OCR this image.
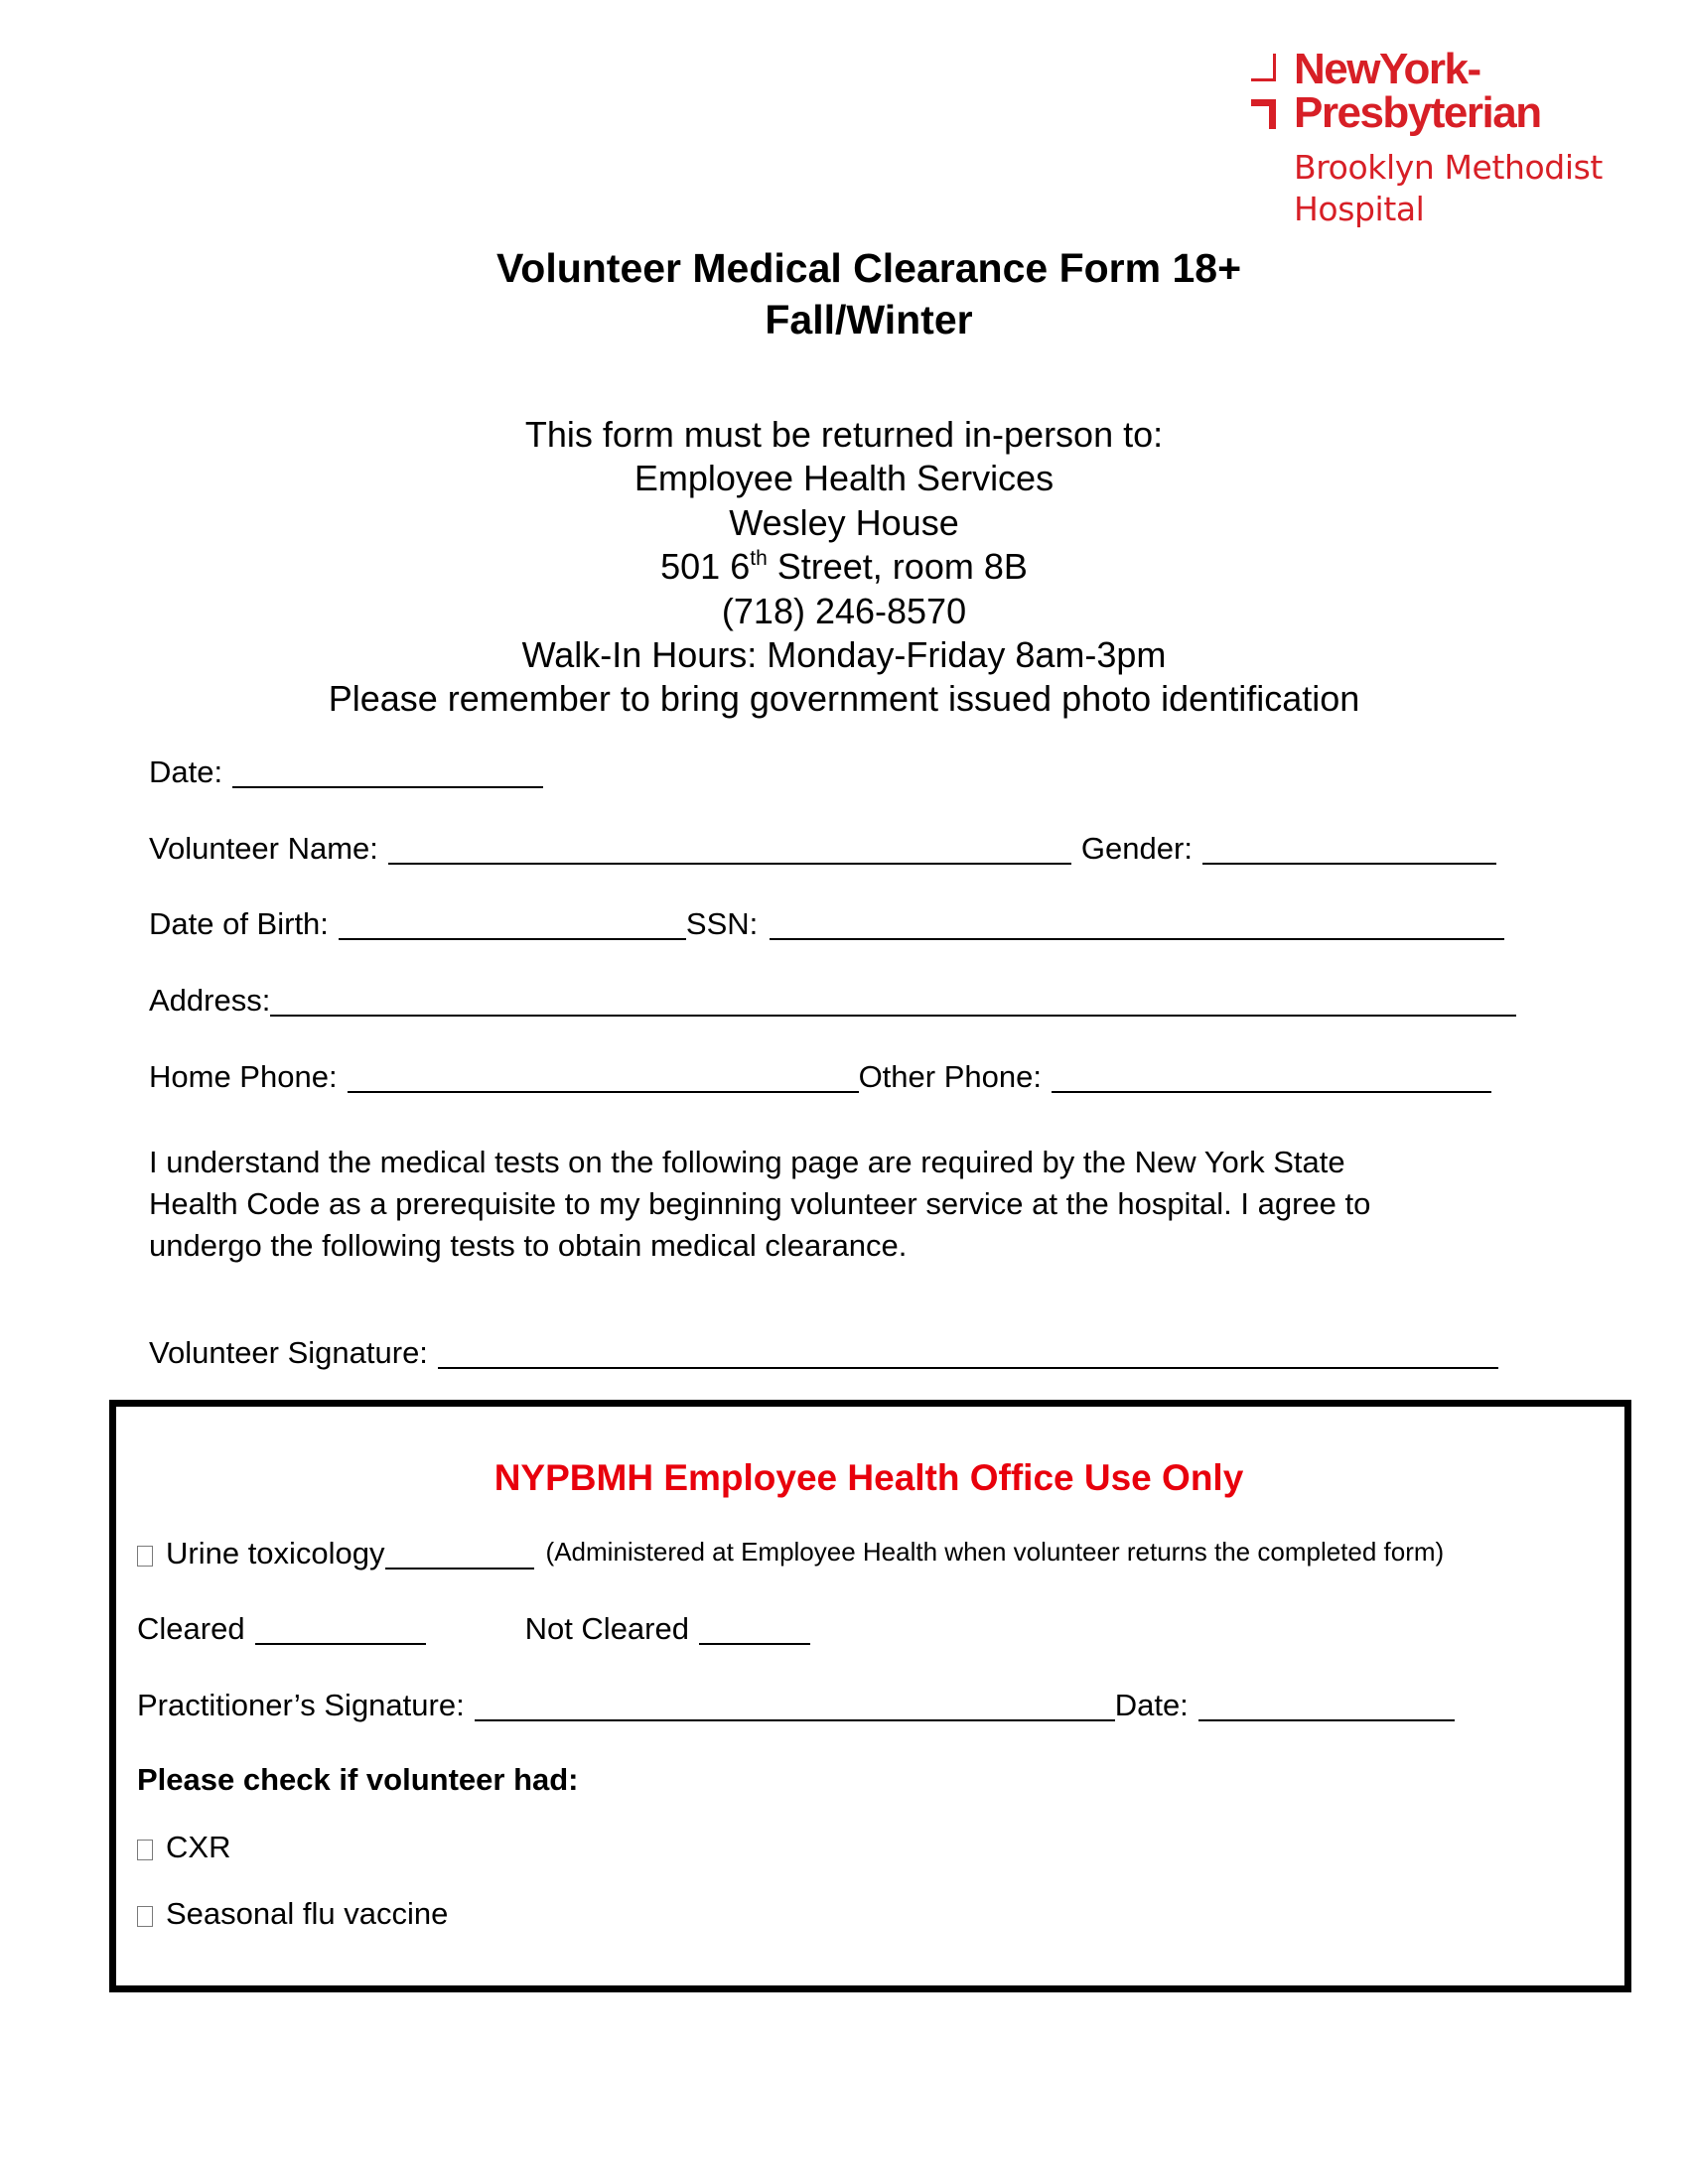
NewYork-
Presbyterian
Brooklyn Methodist
Hospital
Volunteer Medical Clearance Form 18+
Fall/Winter
This form must be returned in-person to:
Employee Health Services
Wesley House
501 6th Street, room 8B
(718) 246-8570
Walk-In Hours: Monday-Friday 8am-3pm
Please remember to bring government issued photo identification
Date:
Volunteer Name:	Gender:
Date of Birth:	SSN:
Address:
Home Phone:	Other Phone:
I understand the medical tests on the following page are required by the New York State
Health Code as a prerequisite to my beginning volunteer service at the hospital. I agree to
undergo the following tests to obtain medical clearance.
Volunteer Signature:
NYPBMH Employee Health Office Use Only
Urine toxicology	(Administered at Employee Health when volunteer returns the completed form)
Cleared	Not Cleared
Practitioner’s Signature:	Date:
Please check if volunteer had:
CXR
Seasonal flu vaccine
